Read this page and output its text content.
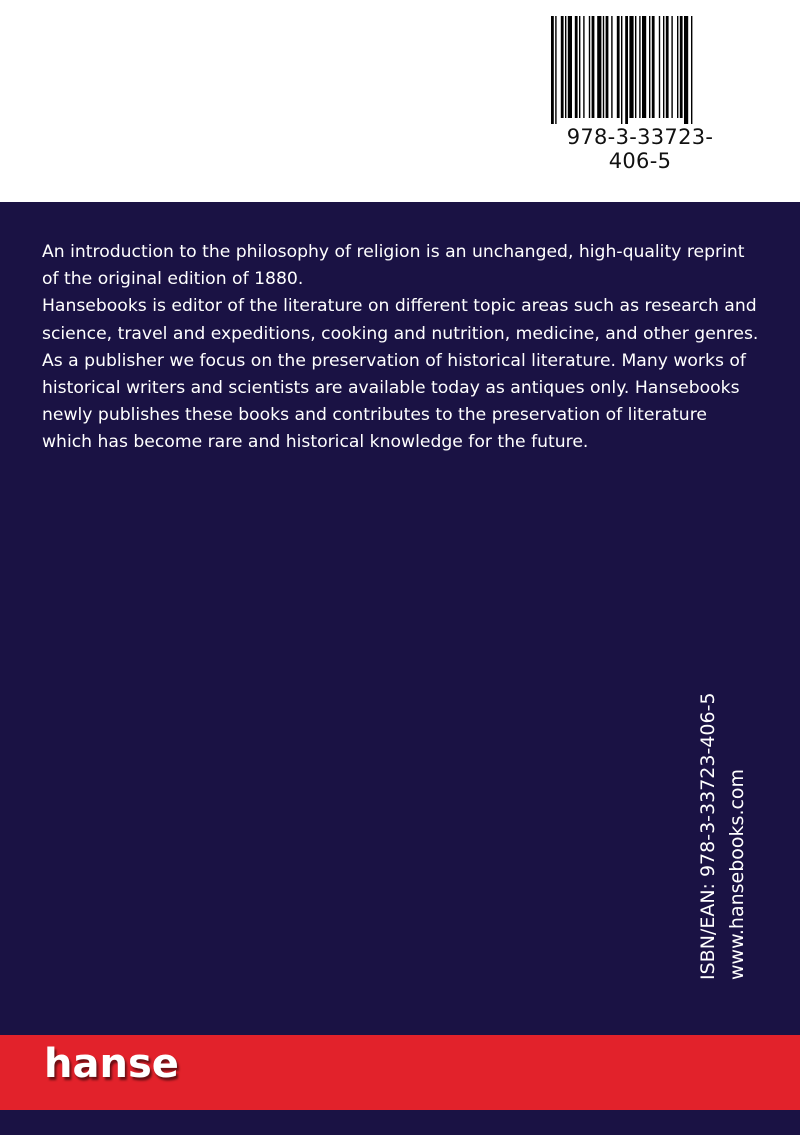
978-3-33723-406-5

An introduction to the philosophy of religion is an unchanged, high-quality reprint of the original edition of 1880.

Hansebooks is editor of the literature on different topic areas such as research and science, travel and expeditions, cooking and nutrition, medicine, and other genres. As a publisher we focus on the preservation of historical literature. Many works of historical writers and scientists are available today as antiques only. Hansebooks newly publishes these books and contributes to the preservation of literature which has become rare and historical knowledge for the future.

ISBN/EAN: 978-3-33723-406-5 www.hansebooks.com
hanse
